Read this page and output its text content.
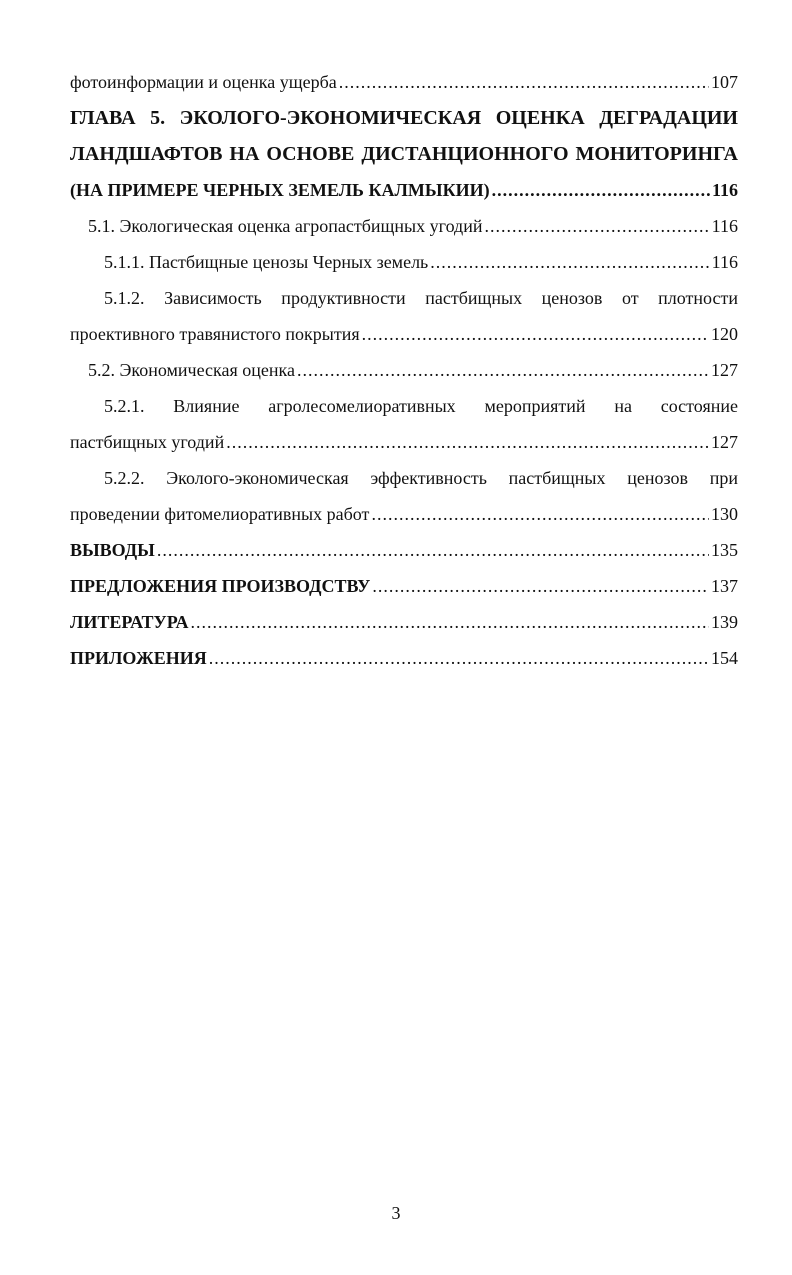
фотоинформации и оценка ущерба .....	107
ГЛАВА 5. ЭКОЛОГО-ЭКОНОМИЧЕСКАЯ ОЦЕНКА ДЕГРАДАЦИИ
ЛАНДШАФТОВ НА ОСНОВЕ ДИСТАНЦИОННОГО МОНИТОРИНГА
(НА ПРИМЕРЕ ЧЕРНЫХ ЗЕМЕЛЬ КАЛМЫКИИ) .....	116
5.1. Экологическая оценка агропастбищных угодий .....	116
5.1.1. Пастбищные ценозы Черных земель .....	116
5.1.2. Зависимость продуктивности пастбищных ценозов от плотности
проективного травянистого покрытия .....	120
5.2. Экономическая оценка .....	127
5.2.1. Влияние агролесомелиоративных мероприятий на состояние
пастбищных угодий .....	127
5.2.2. Эколого-экономическая эффективность пастбищных ценозов при
проведении фитомелиоративных работ .....	130
ВЫВОДЫ .....	135
ПРЕДЛОЖЕНИЯ ПРОИЗВОДСТВУ .....	137
ЛИТЕРАТУРА .....	139
ПРИЛОЖЕНИЯ .....	154
3
